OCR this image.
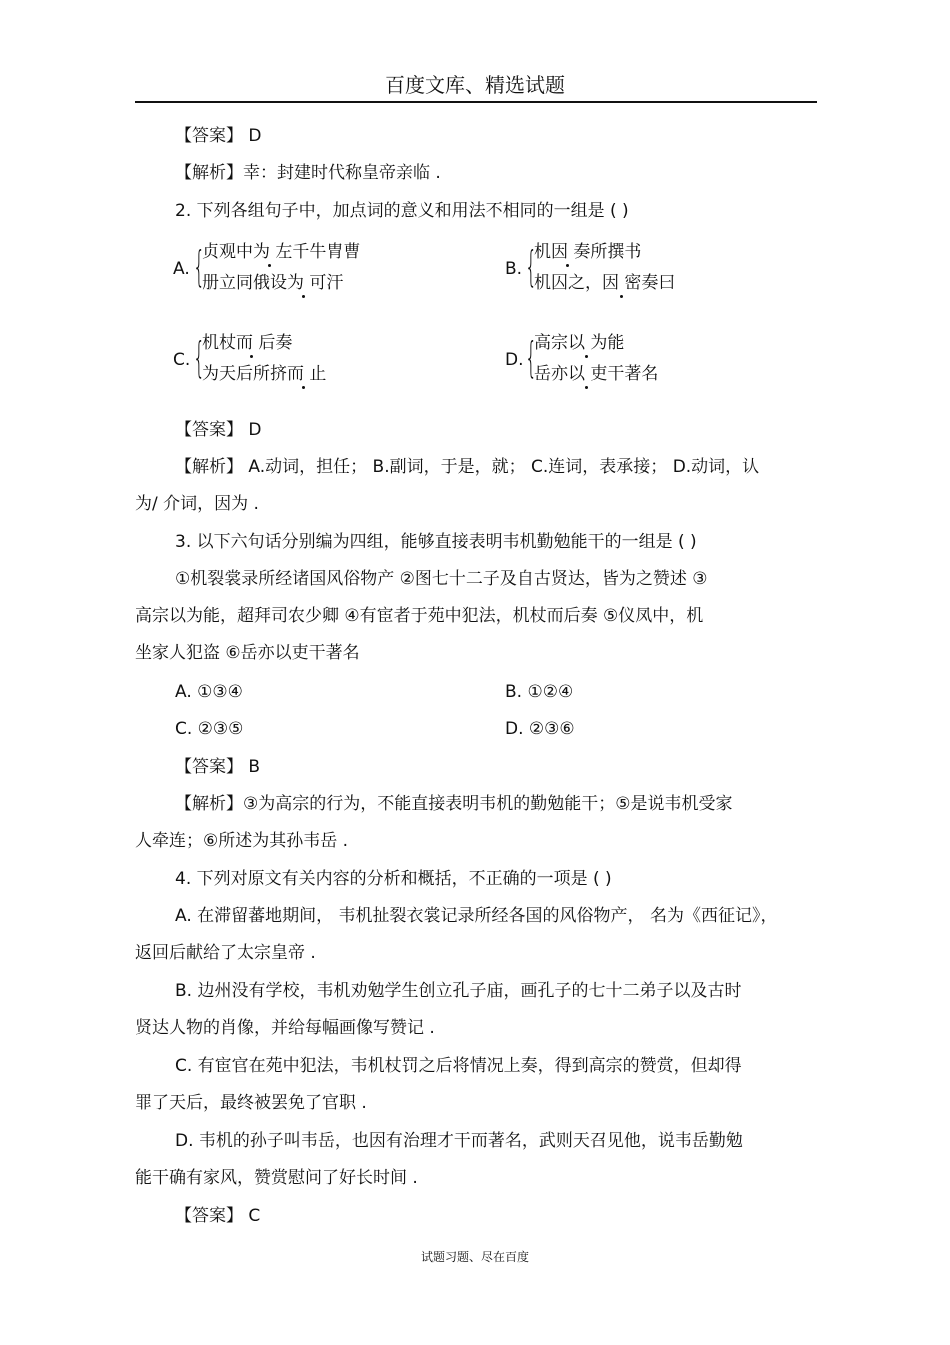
百度文库、精选试题
【答案】 D
【解析】幸：封建时代称皇帝亲临 .
2. 下列各组句子中，加点词的意义和用法不相同的一组是 ( )
A. {
贞观中为 左千牛胄曹
册立同俄设为 可汗
B. {
机因 奏所撰书
机囚之，因 密奏曰
C. {
机杖而 后奏
为天后所挤而 止
D. {
高宗以 为能
岳亦以 吏干著名
【答案】 D
【解析】 A.动词，担任； B.副词，于是，就； C.连词，表承接； D.动词，认
为/ 介词，因为 .
3. 以下六句话分别编为四组，能够直接表明韦机勤勉能干的一组是 ( )
①机裂裳录所经诸国风俗物产 ②图七十二子及自古贤达，皆为之赞述 ③
高宗以为能，超拜司农少卿 ④有宦者于苑中犯法，机杖而后奏 ⑤仪凤中，机
坐家人犯盗 ⑥岳亦以吏干著名
A. ①③④	B. ①②④
C. ②③⑤	D. ②③⑥
【答案】 B
【解析】③为高宗的行为，不能直接表明韦机的勤勉能干；⑤是说韦机受家
人牵连；⑥所述为其孙韦岳 .
4. 下列对原文有关内容的分析和概括，不正确的一项是 ( )
A. 在滞留蕃地期间， 韦机扯裂衣裳记录所经各国的风俗物产， 名为《西征记》，
返回后献给了太宗皇帝 .
B. 边州没有学校，韦机劝勉学生创立孔子庙，画孔子的七十二弟子以及古时
贤达人物的肖像，并给每幅画像写赞记 .
C. 有宦官在苑中犯法，韦机杖罚之后将情况上奏，得到高宗的赞赏，但却得
罪了天后，最终被罢免了官职 .
D. 韦机的孙子叫韦岳，也因有治理才干而著名，武则天召见他，说韦岳勤勉
能干确有家风，赞赏慰问了好长时间 .
【答案】 C
试题习题、尽在百度
